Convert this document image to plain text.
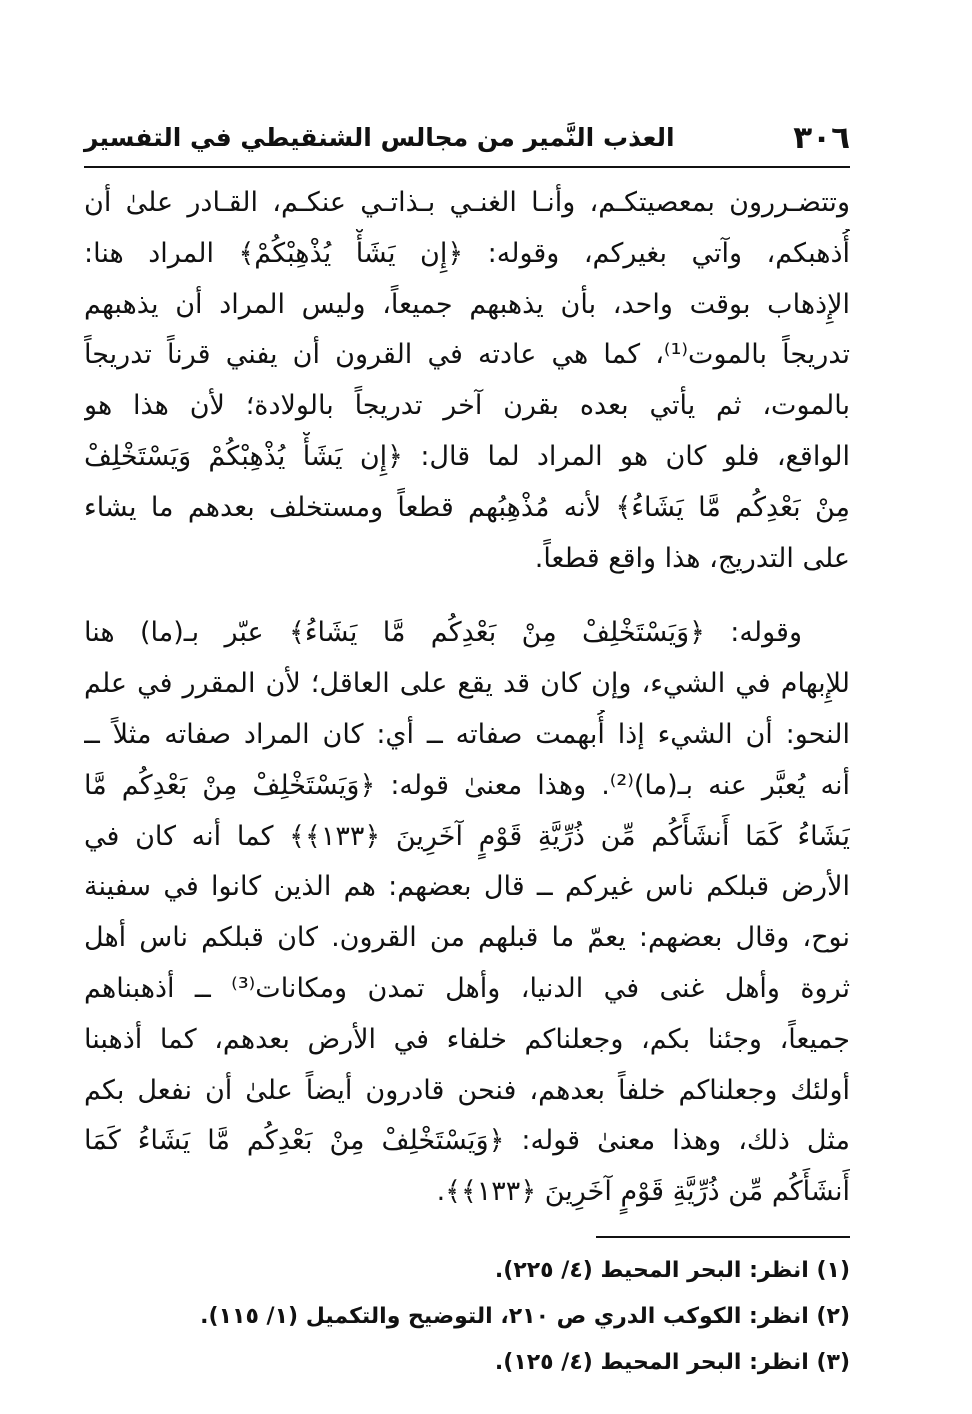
٣٠٦
العذب النَّمير من مجالس الشنقيطي في التفسير
وتتضـررون بمعصيتكـم، وأنـا الغنـي بـذاتـي عنكـم، القـادر علىٰ أن
أُذهبكم، وآتي بغيركم، وقوله: ﴿إِن يَشَأْ يُذْهِبْكُمْ﴾ المراد هنا:
الإِذهاب بوقت واحد، بأن يذهبهم جميعاً، وليس المراد أن يذهبهم
تدريجاً بالموت⁽¹⁾، كما هي عادته في القرون أن يفني قرناً تدريجاً
بالموت، ثم يأتي بعده بقرن آخر تدريجاً بالولادة؛ لأن هذا هو
الواقع، فلو كان هو المراد لما قال: ﴿إِن يَشَأْ يُذْهِبْكُمْ وَيَسْتَخْلِفْ
مِنْ بَعْدِكُم مَّا يَشَاءُ﴾ لأنه مُذْهِبُهم قطعاً ومستخلف بعدهم ما يشاء
على التدريج، هذا واقع قطعاً.
وقوله: ﴿وَيَسْتَخْلِفْ مِنْ بَعْدِكُم مَّا يَشَاءُ﴾ عبّر بـ(ما) هنا
للإِبهام في الشيء، وإن كان قد يقع على العاقل؛ لأن المقرر في علم
النحو: أن الشيء إذا أُبهمت صفاته ــ أي: كان المراد صفاته مثلاً ــ
أنه يُعبَّر عنه بـ(ما)⁽²⁾. وهذا معنىٰ قوله: ﴿وَيَسْتَخْلِفْ مِنْ بَعْدِكُم مَّا
يَشَاءُ كَمَا أَنشَأَكُم مِّن ذُرِّيَّةِ قَوْمٍ آخَرِينَ ﴿١٣٣﴾﴾ كما أنه كان في
الأرض قبلكم ناس غيركم ــ قال بعضهم: هم الذين كانوا في سفينة
نوح، وقال بعضهم: يعمّ ما قبلهم من القرون. كان قبلكم ناس أهل
ثروة وأهل غنى في الدنيا، وأهل تمدن ومكانات⁽³⁾ ــ أذهبناهم
جميعاً، وجئنا بكم، وجعلناكم خلفاء في الأرض بعدهم، كما أذهبنا
أولئك وجعلناكم خلفاً بعدهم، فنحن قادرون أيضاً علىٰ أن نفعل بكم
مثل ذلك، وهذا معنىٰ قوله: ﴿وَيَسْتَخْلِفْ مِنْ بَعْدِكُم مَّا يَشَاءُ كَمَا
أَنشَأَكُم مِّن ذُرِّيَّةِ قَوْمٍ آخَرِينَ ﴿١٣٣﴾﴾.
(١) انظر: البحر المحيط (٤/ ٢٢٥).
(٢) انظر: الكوكب الدري ص ٢١٠، التوضيح والتكميل (١/ ١١٥).
(٣) انظر: البحر المحيط (٤/ ١٢٥).
